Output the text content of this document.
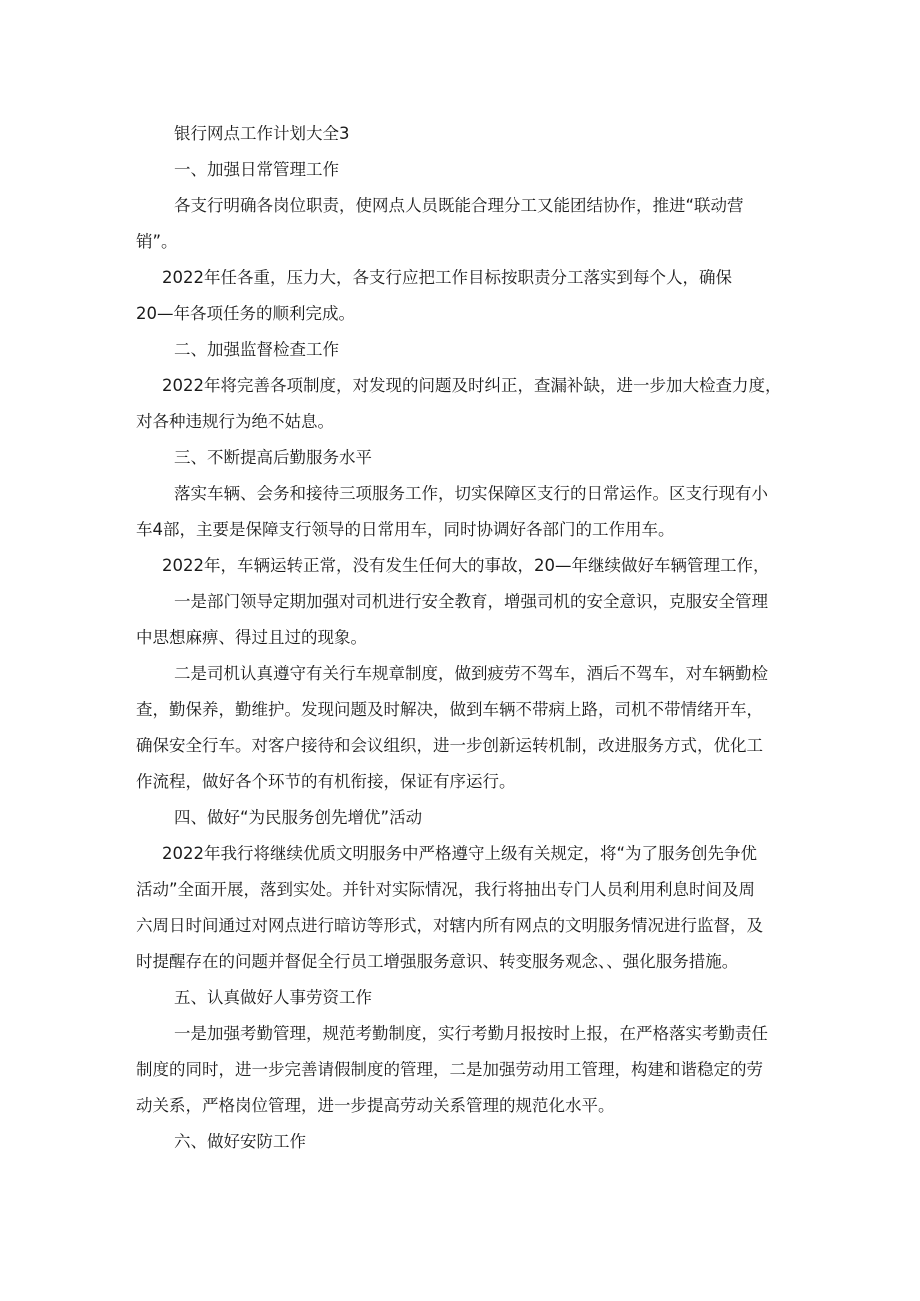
银行网点工作计划大全3
一、加强日常管理工作
各支行明确各岗位职责，使网点人员既能合理分工又能团结协作，推进“联动营
销”。
2022年任各重，压力大，各支行应把工作目标按职责分工落实到每个人，确保
20—年各项任务的顺利完成。
二、加强监督检查工作
2022年将完善各项制度，对发现的问题及时纠正，查漏补缺，进一步加大检查力度，
对各种违规行为绝不姑息。
三、不断提高后勤服务水平
落实车辆、会务和接待三项服务工作，切实保障区支行的日常运作。区支行现有小
车4部，主要是保障支行领导的日常用车，同时协调好各部门的工作用车。
2022年，车辆运转正常，没有发生任何大的事故，20—年继续做好车辆管理工作，
一是部门领导定期加强对司机进行安全教育，增强司机的安全意识，克服安全管理
中思想麻痹、得过且过的现象。
二是司机认真遵守有关行车规章制度，做到疲劳不驾车，酒后不驾车，对车辆勤检
查，勤保养，勤维护。发现问题及时解决，做到车辆不带病上路，司机不带情绪开车，
确保安全行车。对客户接待和会议组织，进一步创新运转机制，改进服务方式，优化工
作流程，做好各个环节的有机衔接，保证有序运行。
四、做好“为民服务创先增优”活动
2022年我行将继续优质文明服务中严格遵守上级有关规定，将“为了服务创先争优
活动”全面开展，落到实处。并针对实际情况，我行将抽出专门人员利用利息时间及周
六周日时间通过对网点进行暗访等形式，对辖内所有网点的文明服务情况进行监督，及
时提醒存在的问题并督促全行员工增强服务意识、转变服务观念、、强化服务措施。
五、认真做好人事劳资工作
一是加强考勤管理，规范考勤制度，实行考勤月报按时上报，在严格落实考勤责任
制度的同时，进一步完善请假制度的管理，二是加强劳动用工管理，构建和谐稳定的劳
动关系，严格岗位管理，进一步提高劳动关系管理的规范化水平。
六、做好安防工作
